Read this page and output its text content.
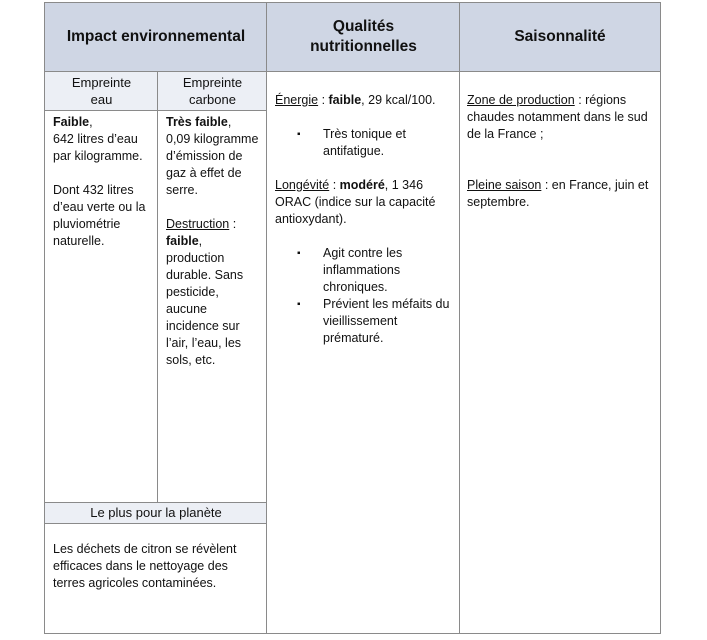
Impact environnemental
Qualités nutritionnelles
Saisonnalité
Empreinte eau
Empreinte carbone
Le plus pour la planète

Faible,

642 litres d’eau par kilogramme.

Dont 432 litres d’eau verte ou la pluviométrie naturelle.

Très faible,

0,09 kilogramme d’émission de gaz à effet de serre.

Destruction :

faible,

production durable. Sans pesticide, aucune incidence sur l’air, l’eau, les sols, etc.

Énergie : faible, 29 kcal/100.

▪ Très tonique et antifatigue.

Longévité : modéré, 1 346 ORAC (indice sur la capacité antioxydant).

▪ Agit contre les inflammations chroniques.
▪ Prévient les méfaits du vieillissement prématuré.

Zone de production : régions chaudes notamment dans le sud de la France ;

Pleine saison : en France, juin et septembre.

Les déchets de citron se révèlent efficaces dans le nettoyage des terres agricoles contaminées.
